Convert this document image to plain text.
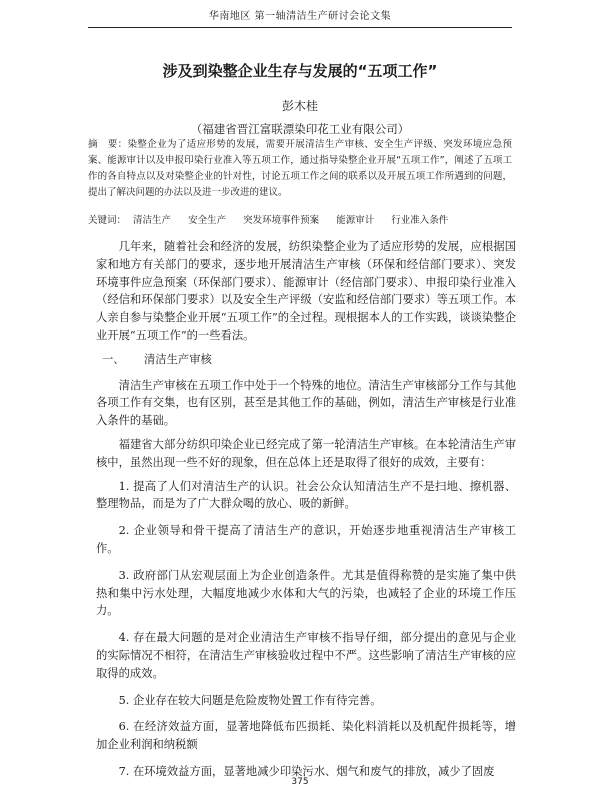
华南地区 第一轴清洁生产研讨会论文集
涉及到染整企业生存与发展的“五项工作”
彭木桂
（福建省晋江富联漂染印花工业有限公司）
摘　要：染整企业为了适应形势的发展，需要开展清洁生产审核、安全生产评级、突发环境应急预案、能源审计以及申报印染行业准入等五项工作，通过指导染整企业开展“五项工作”，阐述了五项工作的各自特点以及对染整企业的针对性，讨论五项工作之间的联系以及开展五项工作所遇到的问题，提出了解决问题的办法以及进一步改进的建议。
关键词： 清洁生产 安全生产 突发环境事件预案 能源审计 行业准入条件

几年来，随着社会和经济的发展，纺织染整企业为了适应形势的发展，应根据国家和地方有关部门的要求，逐步地开展清洁生产审核（环保和经信部门要求）、突发环境事件应急预案（环保部门要求）、能源审计（经信部门要求）、申报印染行业准入（经信和环保部门要求）以及安全生产评级（安监和经信部门要求）等五项工作。本人亲自参与染整企业开展“五项工作”的全过程。现根据本人的工作实践，谈谈染整企业开展“五项工作”的一些看法。

一、 清洁生产审核

清洁生产审核在五项工作中处于一个特殊的地位。清洁生产审核部分工作与其他各项工作有交集，也有区别，甚至是其他工作的基础，例如，清洁生产审核是行业准入条件的基础。

福建省大部分纺织印染企业已经完成了第一轮清洁生产审核。在本轮清洁生产审核中，虽然出现一些不好的现象，但在总体上还是取得了很好的成效，主要有：

1. 提高了人们对清洁生产的认识。社会公众认知清洁生产不是扫地、擦机器、整理物品，而是为了广大群众喝的放心、吸的新鲜。

2. 企业领导和骨干提高了清洁生产的意识，开始逐步地重视清洁生产审核工作。

3. 政府部门从宏观层面上为企业创造条件。尤其是值得称赞的是实施了集中供热和集中污水处理，大幅度地减少水体和大气的污染，也减轻了企业的环境工作压力。

4. 存在最大问题的是对企业清洁生产审核不指导仔细，部分提出的意见与企业的实际情况不相符，在清洁生产审核验收过程中不严。这些影响了清洁生产审核的应取得的成效。

5. 企业存在较大问题是危险废物处置工作有待完善。

6. 在经济效益方面，显著地降低布匹损耗、染化料消耗以及机配件损耗等，增加企业利润和纳税额

7. 在环境效益方面，显著地减少印染污水、烟气和废气的排放，减少了固废

375
